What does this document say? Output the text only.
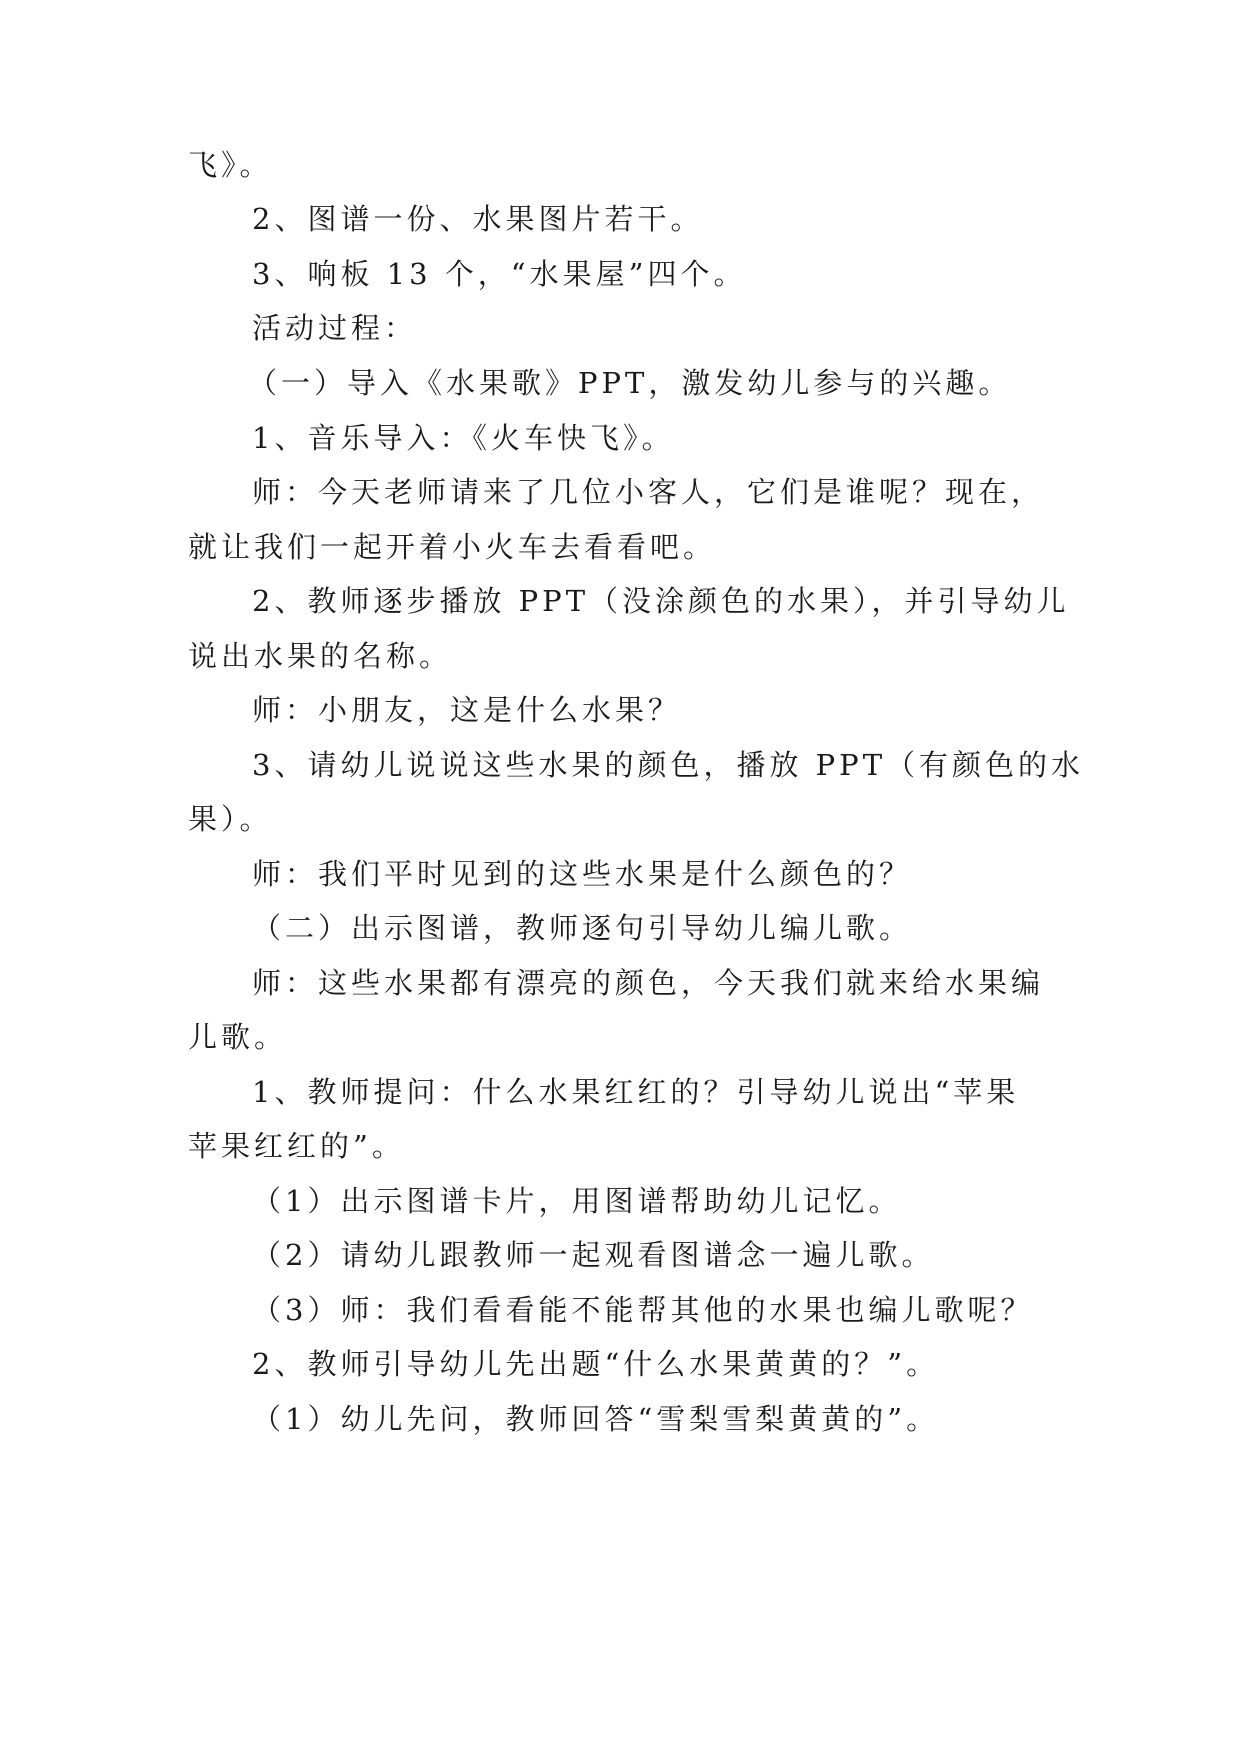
飞》。
2、图谱一份、水果图片若干。
3、响板 13 个，“水果屋”四个。
活动过程：
（一）导入《水果歌》PPT，激发幼儿参与的兴趣。
1、音乐导入：《火车快飞》。
师：今天老师请来了几位小客人，它们是谁呢？现在，
就让我们一起开着小火车去看看吧。
2、教师逐步播放 PPT（没涂颜色的水果），并引导幼儿
说出水果的名称。
师：小朋友，这是什么水果？
3、请幼儿说说这些水果的颜色，播放 PPT（有颜色的水
果）。
师：我们平时见到的这些水果是什么颜色的？
（二）出示图谱，教师逐句引导幼儿编儿歌。
师：这些水果都有漂亮的颜色，今天我们就来给水果编
儿歌。
1、教师提问：什么水果红红的？引导幼儿说出“苹果
苹果红红的”。
（1）出示图谱卡片，用图谱帮助幼儿记忆。
（2）请幼儿跟教师一起观看图谱念一遍儿歌。
（3）师：我们看看能不能帮其他的水果也编儿歌呢？
2、教师引导幼儿先出题“什么水果黄黄的？”。
（1）幼儿先问，教师回答“雪梨雪梨黄黄的”。
